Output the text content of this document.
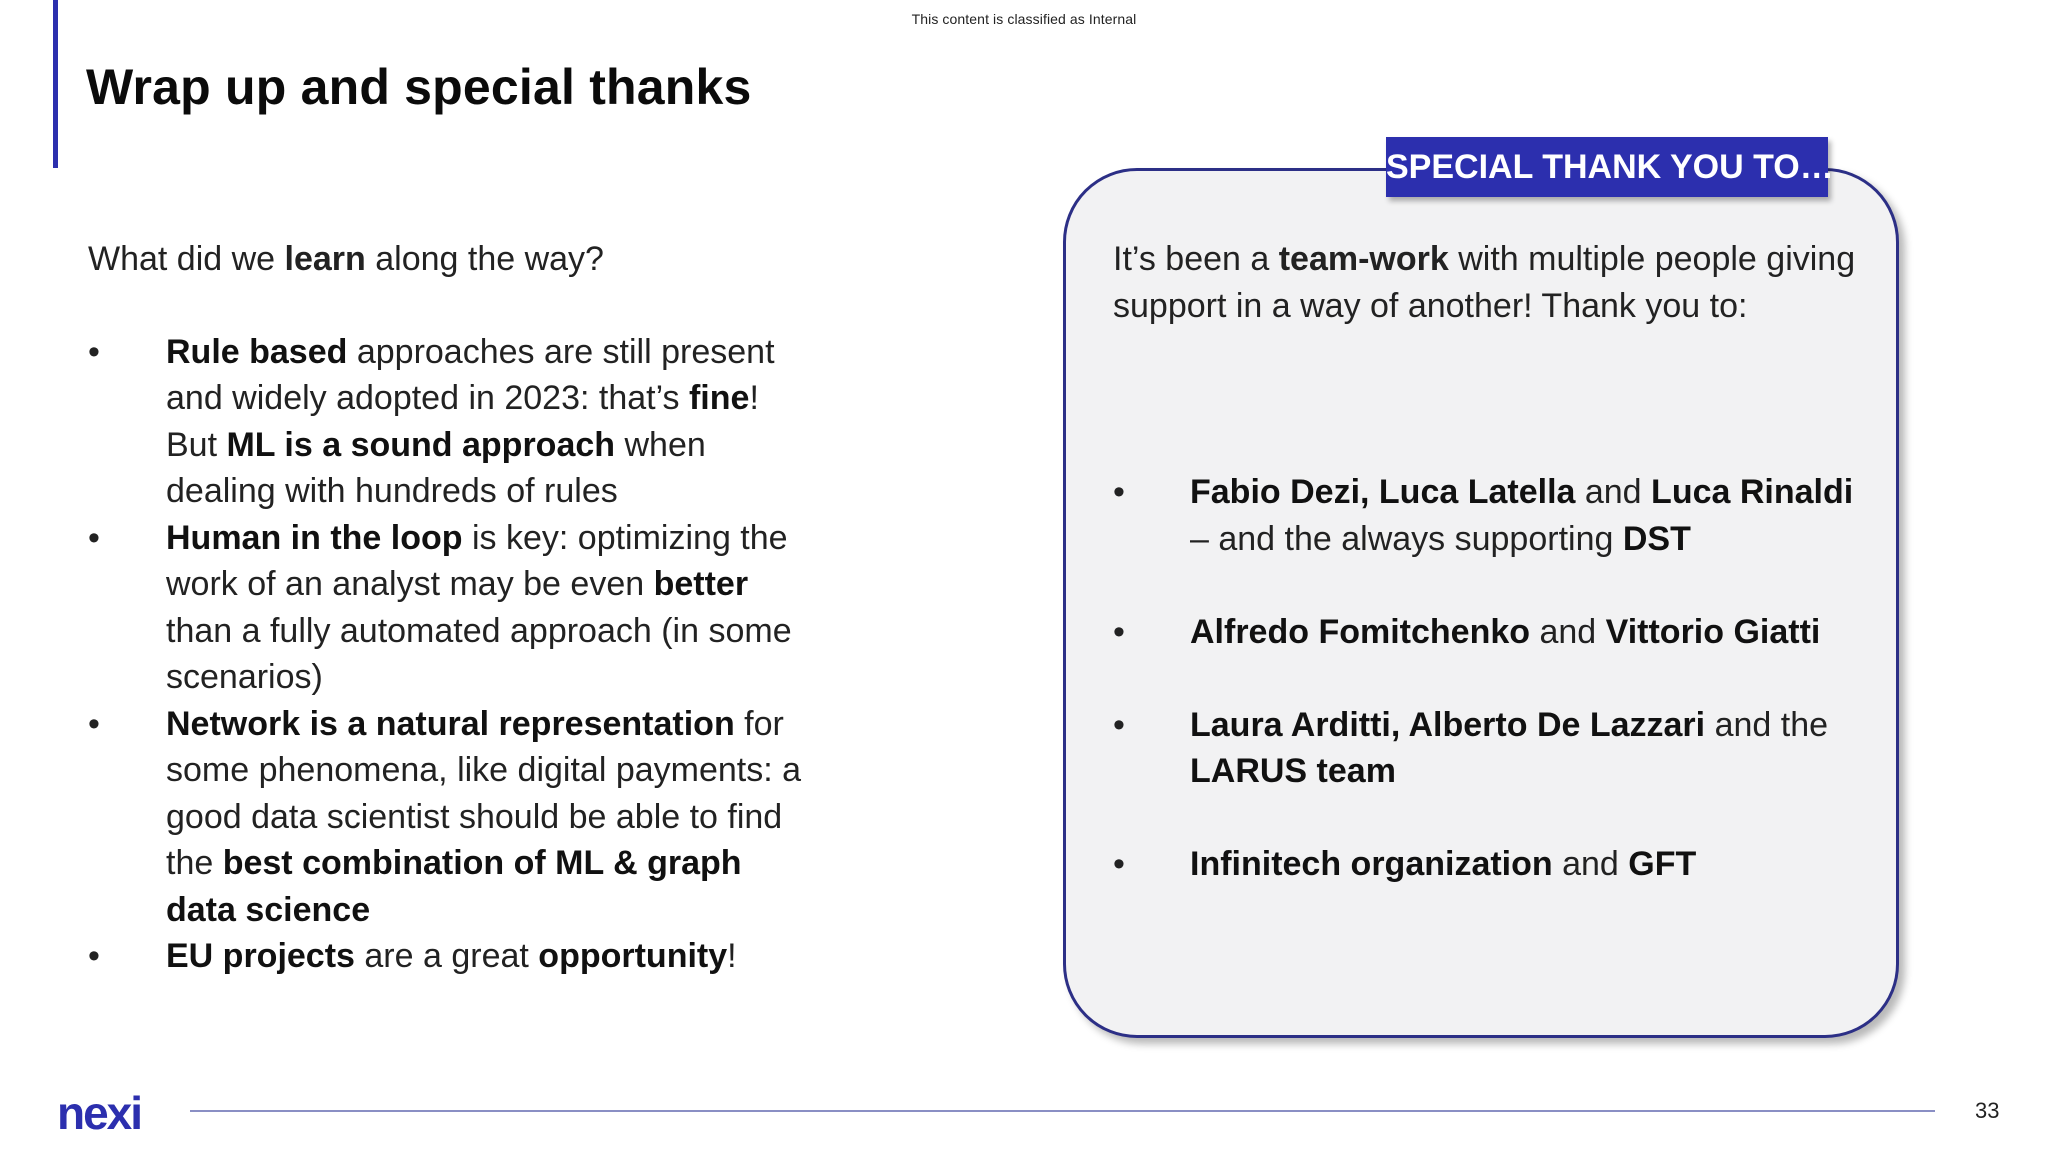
This content is classified as Internal
Wrap up and special thanks

What did we learn along the way?

• Rule based approaches are still present and widely adopted in 2023: that’s fine! But ML is a sound approach when dealing with hundreds of rules
• Human in the loop is key: optimizing the work of an analyst may be even better than a fully automated approach (in some scenarios)
• Network is a natural representation for some phenomena, like digital payments: a good data scientist should be able to find the best combination of ML & graph data science
• EU projects are a great opportunity!
SPECIAL THANK YOU TO…

It’s been a team-work with multiple people giving support in a way of another! Thank you to:

• Fabio Dezi, Luca Latella and Luca Rinaldi – and the always supporting DST
• Alfredo Fomitchenko and Vittorio Giatti
• Laura Arditti, Alberto De Lazzari and the LARUS team
• Infinitech organization and GFT
nexi	33
